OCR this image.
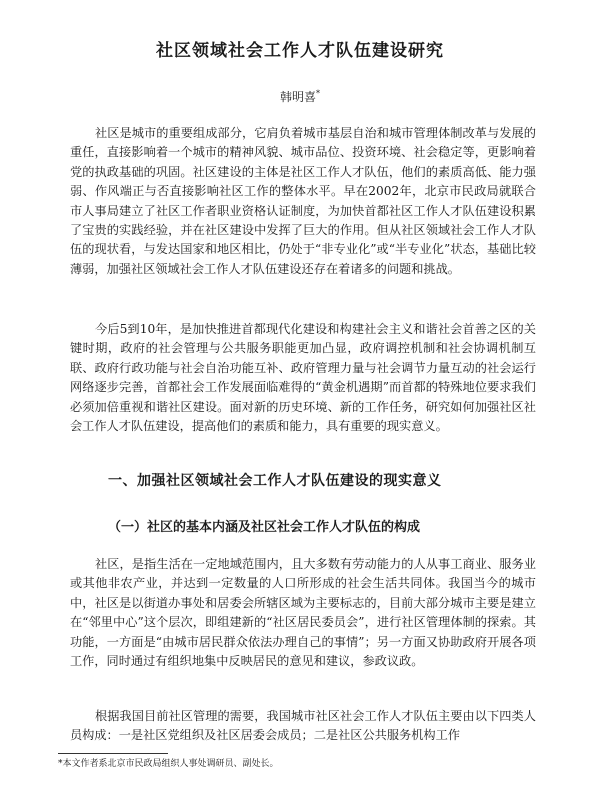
社区领域社会工作人才队伍建设研究
韩明喜*

社区是城市的重要组成部分，它肩负着城市基层自治和城市管理体制改革与发展的重任，直接影响着一个城市的精神风貌、城市品位、投资环境、社会稳定等，更影响着党的执政基础的巩固。社区建设的主体是社区工作人才队伍，他们的素质高低、能力强弱、作风端正与否直接影响社区工作的整体水平。早在2002年，北京市民政局就联合市人事局建立了社区工作者职业资格认证制度，为加快首都社区工作人才队伍建设积累了宝贵的实践经验，并在社区建设中发挥了巨大的作用。但从社区领域社会工作人才队伍的现状看，与发达国家和地区相比，仍处于“非专业化”或“半专业化”状态，基础比较薄弱，加强社区领域社会工作人才队伍建设还存在着诸多的问题和挑战。

今后5到10年，是加快推进首都现代化建设和构建社会主义和谐社会首善之区的关键时期，政府的社会管理与公共服务职能更加凸显，政府调控机制和社会协调机制互联、政府行政功能与社会自治功能互补、政府管理力量与社会调节力量互动的社会运行网络逐步完善，首都社会工作发展面临难得的“黄金机遇期”而首都的特殊地位要求我们必须加倍重视和谐社区建设。面对新的历史环境、新的工作任务，研究如何加强社区社会工作人才队伍建设，提高他们的素质和能力，具有重要的现实意义。

一、加强社区领域社会工作人才队伍建设的现实意义
（一）社区的基本内涵及社区社会工作人才队伍的构成

社区，是指生活在一定地域范围内，且大多数有劳动能力的人从事工商业、服务业或其他非农产业，并达到一定数量的人口所形成的社会生活共同体。我国当今的城市中，社区是以街道办事处和居委会所辖区域为主要标志的，目前大部分城市主要是建立在“邻里中心”这个层次，即组建新的“社区居民委员会”，进行社区管理体制的探索。其功能，一方面是“由城市居民群众依法办理自己的事情”；另一方面又协助政府开展各项工作，同时通过有组织地集中反映居民的意见和建议，参政议政。

根据我国目前社区管理的需要，我国城市社区社会工作人才队伍主要由以下四类人员构成：一是社区党组织及社区居委会成员；二是社区公共服务机构工作

*本文作者系北京市民政局组织人事处调研员、副处长。
